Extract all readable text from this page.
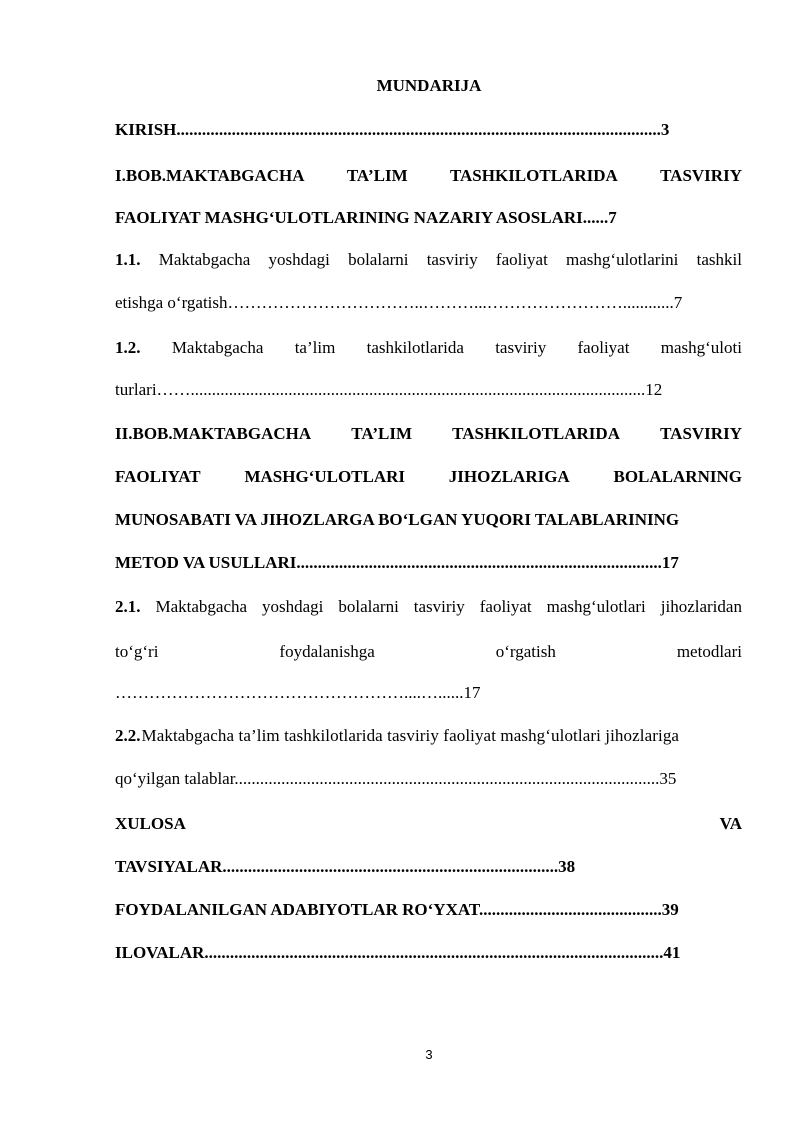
MUNDARIJA
KIRISH..................................................................................................................3
I.BOB.MAKTABGACHA TA’LIM TASHKILOTLARIDA TASVIRIY
FAOLIYAT MASHG‘ULOTLARINING NAZARIY ASOSLARI......7
1.1. Maktabgacha yoshdagi bolalarni tasviriy faoliyat mashg‘ulotlarini tashkil
etishga o‘rgatish……………………………..………...……………………............7
1.2. Maktabgacha ta’lim tashkilotlarida tasviriy faoliyat mashg‘uloti
turlari……...........................................................................................................12
II.BOB.MAKTABGACHA TA’LIM TASHKILOTLARIDA TASVIRIY
FAOLIYAT	MASHG‘ULOTLARI	JIHOZLARIGA	BOLALARNING
MUNOSABATI VA JIHOZLARGA BO‘LGAN YUQORI TALABLARINING
METOD VA USULLARI......................................................................................17
2.1. Maktabgacha yoshdagi bolalarni tasviriy faoliyat mashg‘ulotlari jihozlaridan
to‘g‘ri	foydalanishga	o‘rgatish	metodlari
……………………………………………....…......17
2.2. Maktabgacha ta’lim tashkilotlarida tasviriy faoliyat mashg‘ulotlari jihozlariga
qo‘yilgan talablar....................................................................................................35
XULOSA	VA
TAVSIYALAR...............................................................................38
FOYDALANILGAN ADABIYOTLAR RO‘YXAT...........................................39
ILOVALAR............................................................................................................41
3
